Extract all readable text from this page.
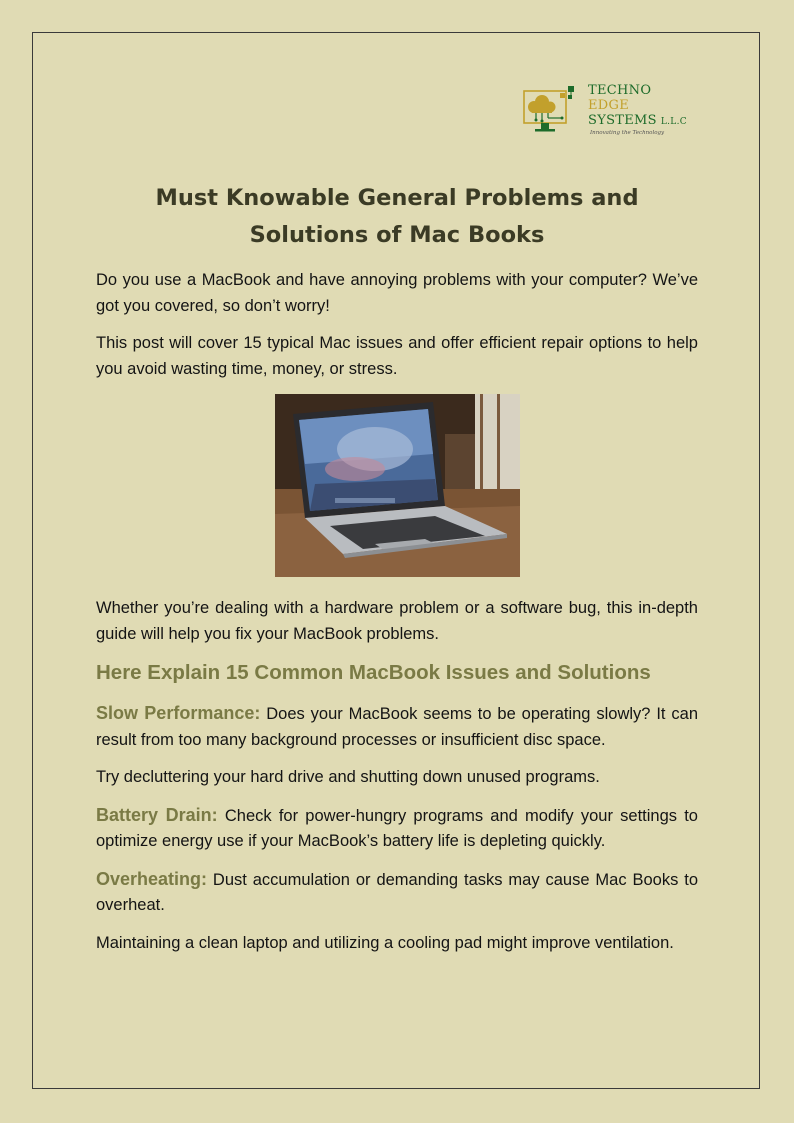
TECHNO
EDGE
SYSTEMS L.L.C
Innovating the Technology
Must Knowable General Problems and Solutions of Mac Books

Do you use a MacBook and have annoying problems with your computer? We’ve got you covered, so don’t worry!

This post will cover 15 typical Mac issues and offer efficient repair options to help you avoid wasting time, money, or stress.

Whether you’re dealing with a hardware problem or a software bug, this in-depth guide will help you fix your MacBook problems.

Here Explain 15 Common MacBook Issues and Solutions

Slow Performance: Does your MacBook seems to be operating slowly? It can result from too many background processes or insufficient disc space.

Try decluttering your hard drive and shutting down unused programs.

Battery Drain: Check for power-hungry programs and modify your settings to optimize energy use if your MacBook’s battery life is depleting quickly.

Overheating: Dust accumulation or demanding tasks may cause Mac Books to overheat.

Maintaining a clean laptop and utilizing a cooling pad might improve ventilation.
